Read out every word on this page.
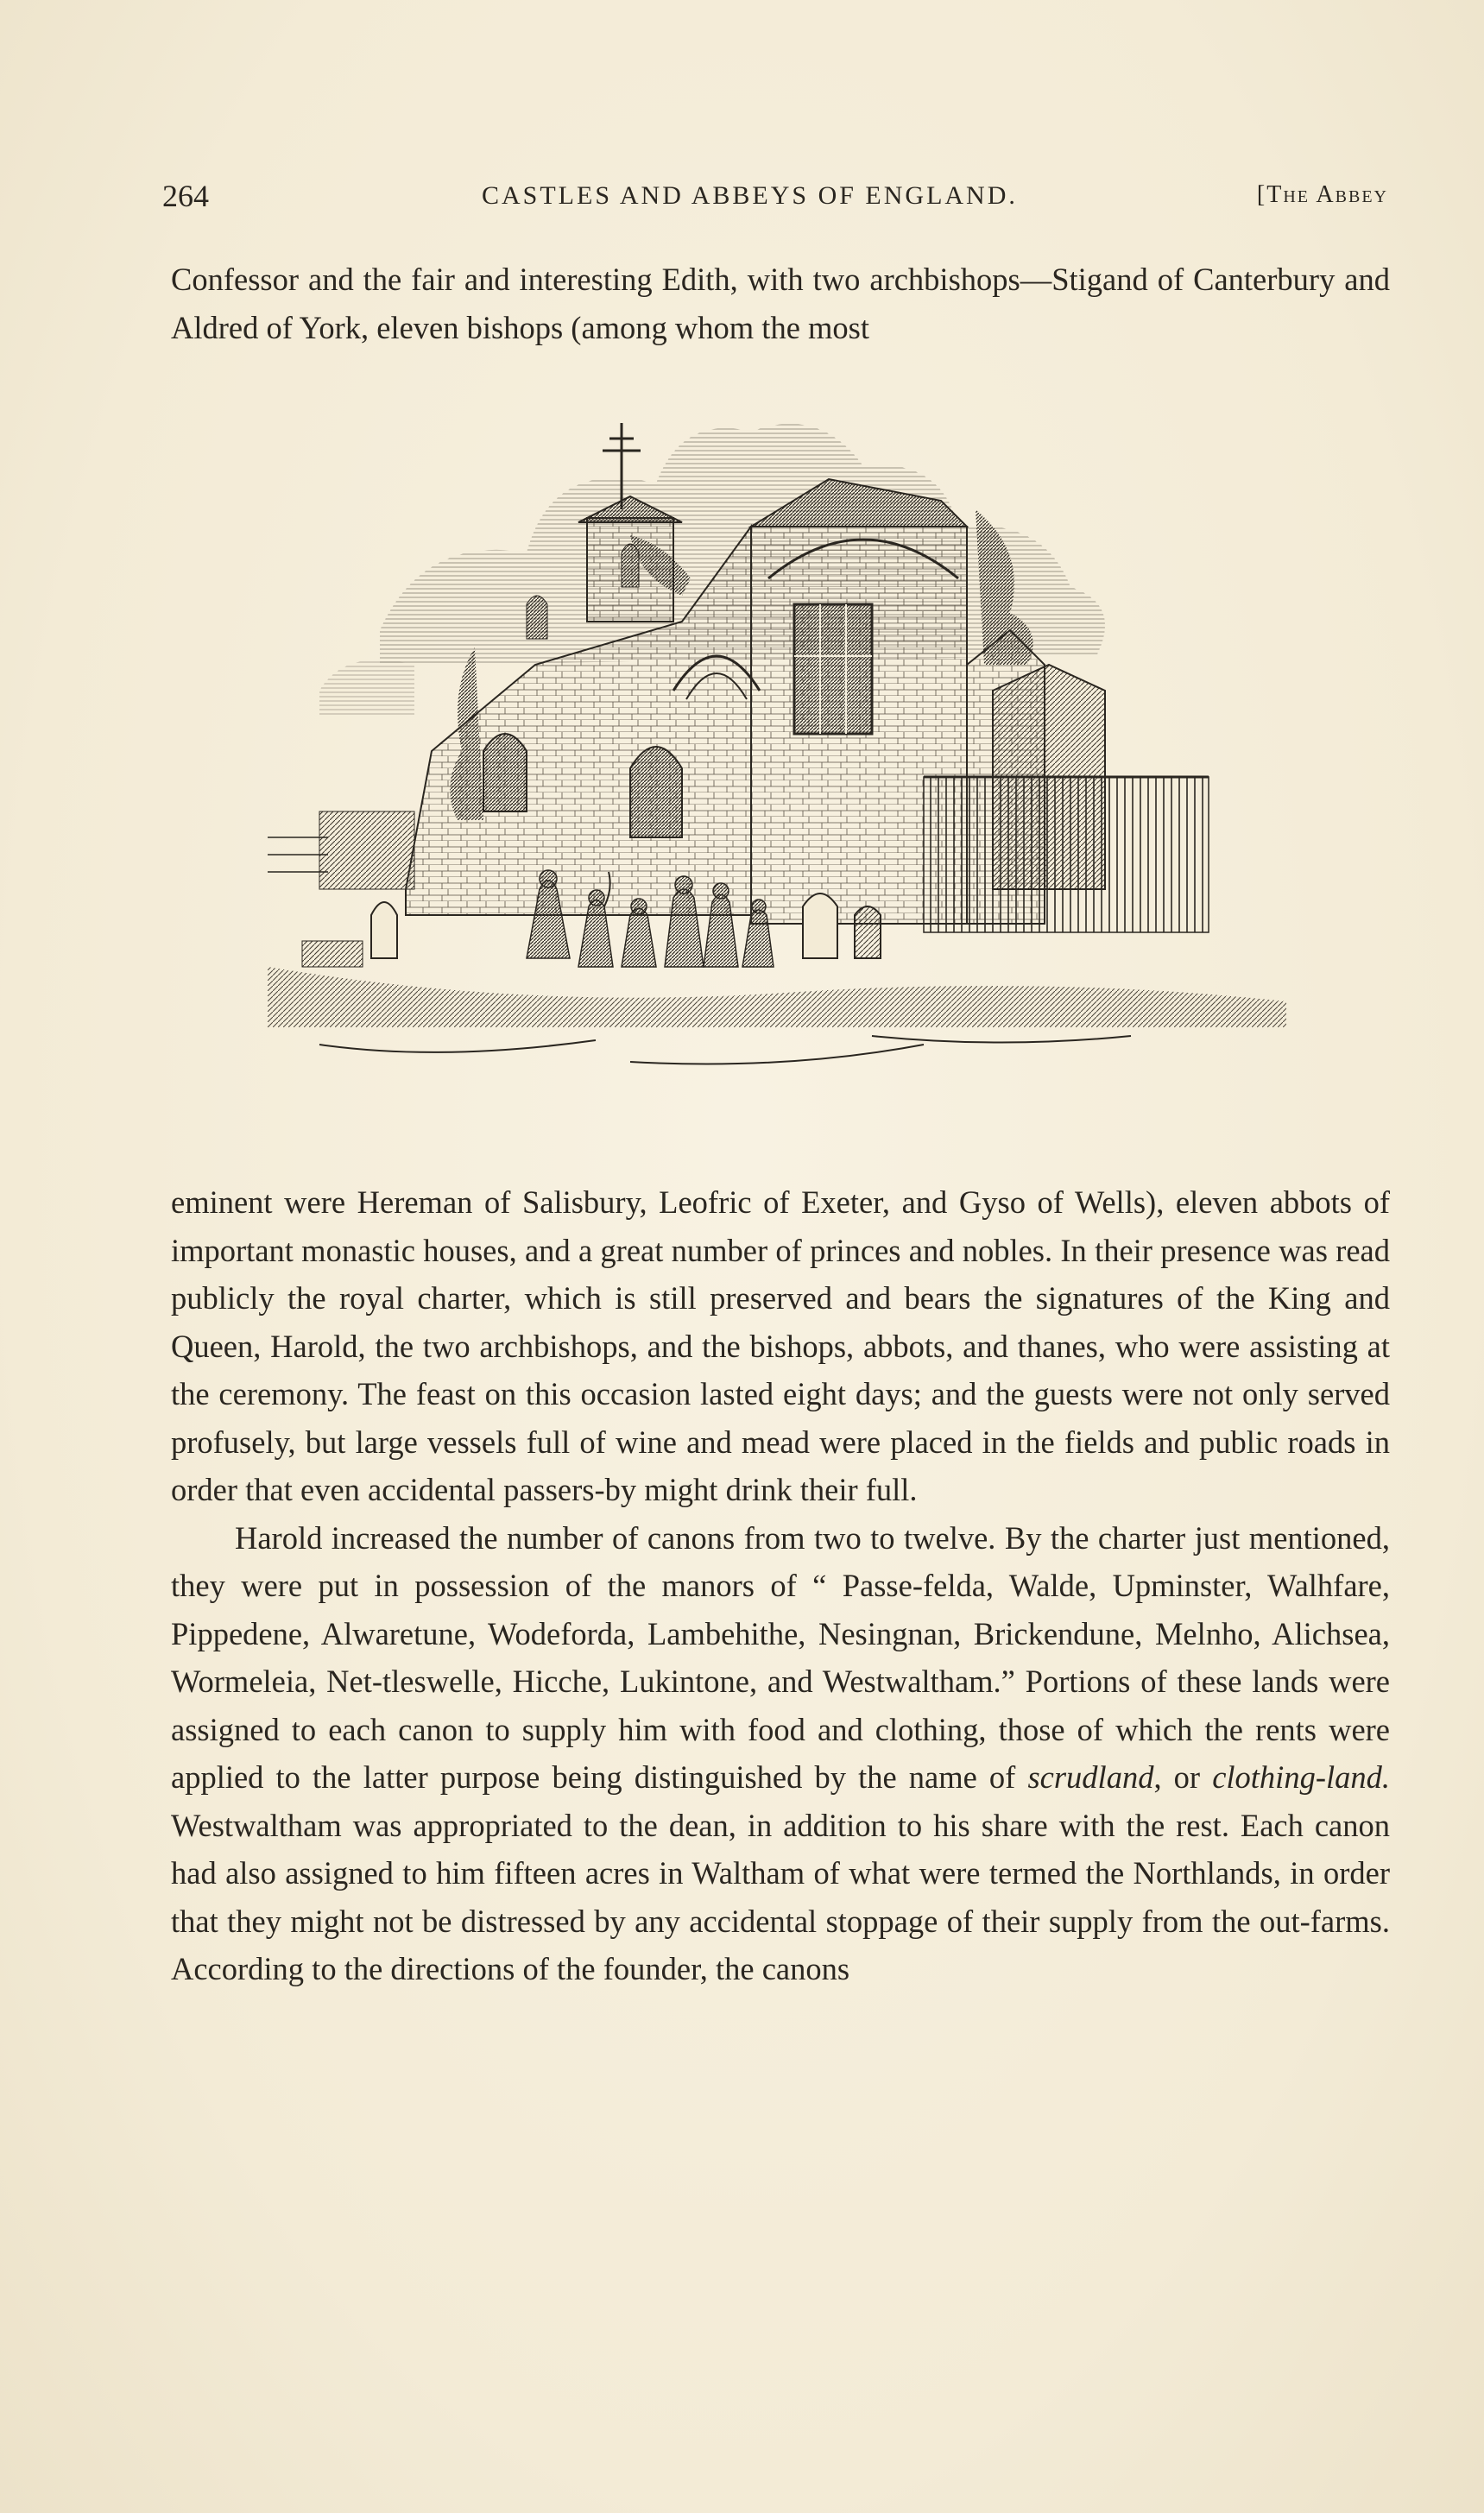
264	CASTLES AND ABBEYS OF ENGLAND.	[The Abbey

Confessor and the fair and interesting Edith, with two archbishops—Stigand of Canterbury and Aldred of York, eleven bishops (among whom the most

eminent were Hereman of Salisbury, Leofric of Exeter, and Gyso of Wells), eleven abbots of important monastic houses, and a great number of princes and nobles. In their presence was read publicly the royal charter, which is still preserved and bears the signatures of the King and Queen, Harold, the two archbishops, and the bishops, abbots, and thanes, who were assisting at the ceremony. The feast on this occasion lasted eight days; and the guests were not only served profusely, but large vessels full of wine and mead were placed in the fields and public roads in order that even accidental passers-by might drink their full.

Harold increased the number of canons from two to twelve. By the charter just mentioned, they were put in possession of the manors of “ Passe-felda, Walde, Upminster, Walhfare, Pippedene, Alwaretune, Wodeforda, Lambehithe, Nesingnan, Brickendune, Melnho, Alichsea, Wormeleia, Net-tleswelle, Hicche, Lukintone, and Westwaltham.” Portions of these lands were assigned to each canon to supply him with food and clothing, those of which the rents were applied to the latter purpose being distinguished by the name of scrudland, or clothing-land. Westwaltham was appropriated to the dean, in addition to his share with the rest. Each canon had also assigned to him fifteen acres in Waltham of what were termed the Northlands, in order that they might not be distressed by any accidental stoppage of their supply from the out-farms. According to the directions of the founder, the canons
